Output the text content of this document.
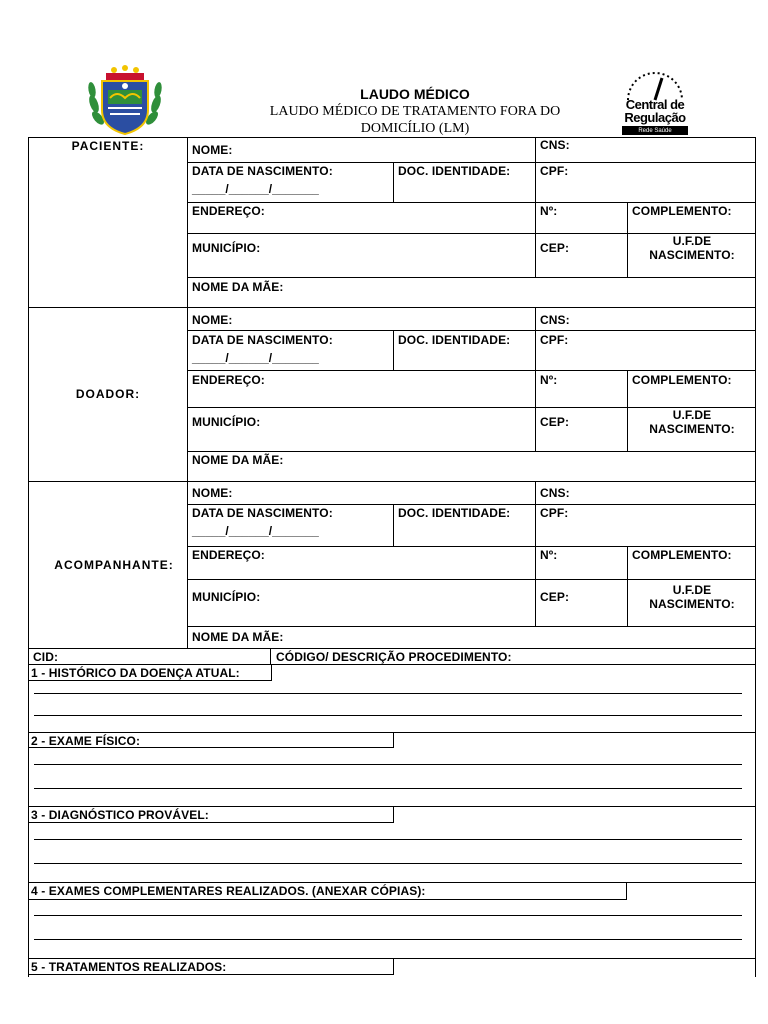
Central de
Regulação
Rede Saúde
LAUDO MÉDICO
LAUDO MÉDICO DE TRATAMENTO FORA DO DOMICÍLIO (LM)
PACIENTE:	NOME:	CNS:
DATA DE NASCIMENTO:
_____/______/_______
DOC. IDENTIDADE: CPF:
ENDEREÇO:	Nº:	COMPLEMENTO:
MUNICÍPIO:	CEP:	U.F.DE
NASCIMENTO:
NOME DA MÃE:
DOADOR:
NOME:	CNS:
DATA DE NASCIMENTO:
_____/______/_______
DOC. IDENTIDADE: CPF:
ENDEREÇO:	Nº:	COMPLEMENTO:
MUNICÍPIO:	CEP:	U.F.DE
NASCIMENTO:
NOME DA MÃE:
ACOMPANHANTE:
NOME:	CNS:
DATA DE NASCIMENTO:
_____/______/_______
DOC. IDENTIDADE: CPF:
ENDEREÇO:	Nº:	COMPLEMENTO:
MUNICÍPIO:	CEP:	U.F.DE
NASCIMENTO:
NOME DA MÃE:
CID:	CÓDIGO/ DESCRIÇÃO PROCEDIMENTO:
1 - HISTÓRICO DA DOENÇA ATUAL:
2 - EXAME FÍSICO:
3 - DIAGNÓSTICO PROVÁVEL:
4 - EXAMES COMPLEMENTARES REALIZADOS. (ANEXAR CÓPIAS):
5 - TRATAMENTOS REALIZADOS:
